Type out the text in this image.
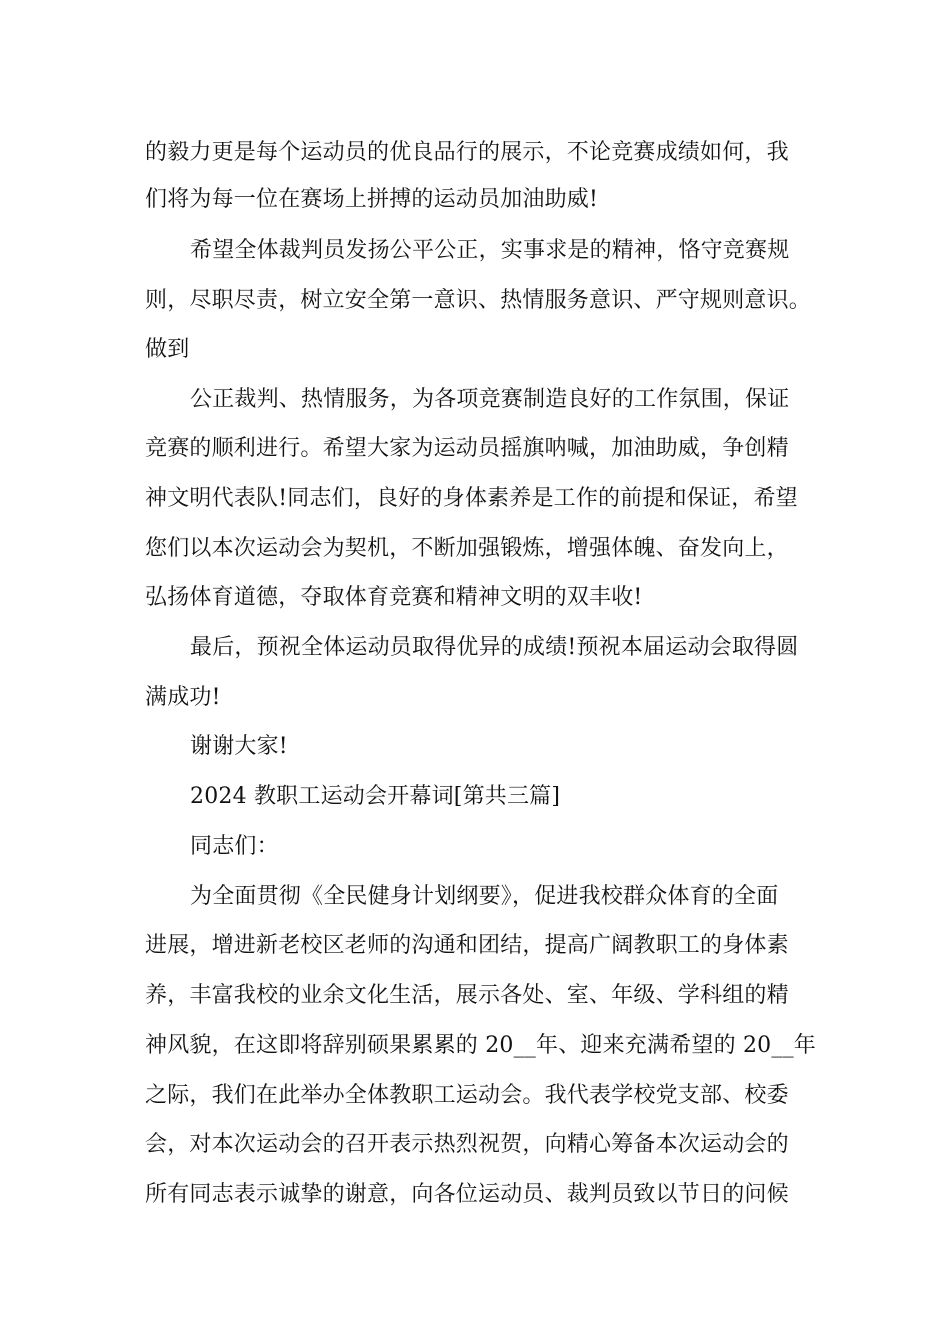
的毅力更是每个运动员的优良品行的展示，不论竞赛成绩如何，我
们将为每一位在赛场上拼搏的运动员加油助威!
希望全体裁判员发扬公平公正，实事求是的精神，恪守竞赛规
则，尽职尽责，树立安全第一意识、热情服务意识、严守规则意识。
做到
公正裁判、热情服务，为各项竞赛制造良好的工作氛围，保证
竞赛的顺利进行。希望大家为运动员摇旗呐喊，加油助威，争创精
神文明代表队!同志们，良好的身体素养是工作的前提和保证，希望
您们以本次运动会为契机，不断加强锻炼，增强体魄、奋发向上，
弘扬体育道德，夺取体育竞赛和精神文明的双丰收!
最后，预祝全体运动员取得优异的成绩!预祝本届运动会取得圆
满成功!
谢谢大家!
2024 教职工运动会开幕词[第共三篇]
同志们：
为全面贯彻《全民健身计划纲要》，促进我校群众体育的全面
进展，增进新老校区老师的沟通和团结，提高广阔教职工的身体素
养，丰富我校的业余文化生活，展示各处、室、年级、学科组的精
神风貌，在这即将辞别硕果累累的 20__年、迎来充满希望的 20__年
之际，我们在此举办全体教职工运动会。我代表学校党支部、校委
会，对本次运动会的召开表示热烈祝贺，向精心筹备本次运动会的
所有同志表示诚挚的谢意，向各位运动员、裁判员致以节日的问候
